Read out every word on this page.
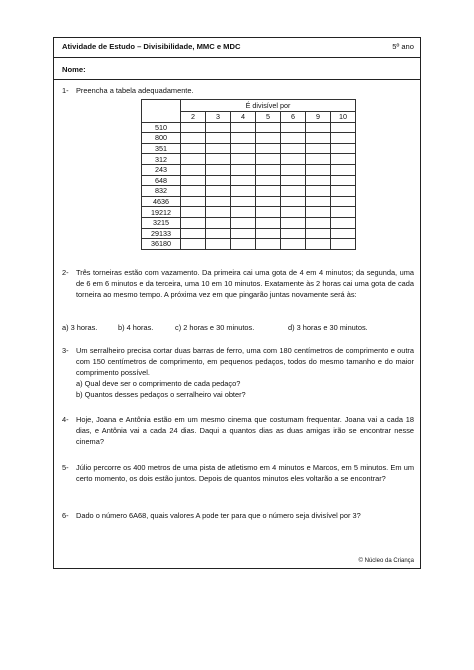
Atividade de Estudo – Divisibilidade, MMC e MDC	5º ano
Nome:
1- Preencha a tabela adequadamente.
	É divisível por						
	2	3	4	5	6	9	10
510							
800							
351							
312							
243							
648							
832							
4636							
19212							
3215							
29133							
36180							
2- Três torneiras estão com vazamento. Da primeira cai uma gota de 4 em 4 minutos; da segunda, uma de 6 em 6 minutos e da terceira, uma 10 em 10 minutos. Exatamente às 2 horas cai uma gota de cada torneira ao mesmo tempo. A próxima vez em que pingarão juntas novamente será às:
a) 3 horas.	b) 4 horas.	c) 2 horas e 30 minutos.	d) 3 horas e 30 minutos.
3- Um serralheiro precisa cortar duas barras de ferro, uma com 180 centímetros de comprimento e outra com 150 centímetros de comprimento, em pequenos pedaços, todos do mesmo tamanho e do maior comprimento possível.
a) Qual deve ser o comprimento de cada pedaço?
b) Quantos desses pedaços o serralheiro vai obter?
4- Hoje, Joana e Antônia estão em um mesmo cinema que costumam frequentar. Joana vai a cada 18 dias, e Antônia vai a cada 24 dias. Daqui a quantos dias as duas amigas irão se encontrar nesse cinema?
5- Júlio percorre os 400 metros de uma pista de atletismo em 4 minutos e Marcos, em 5 minutos. Em um certo momento, os dois estão juntos. Depois de quantos minutos eles voltarão a se encontrar?
6- Dado o número 6A68, quais valores A pode ter para que o número seja divisível por 3?
© Núcleo da Criança
